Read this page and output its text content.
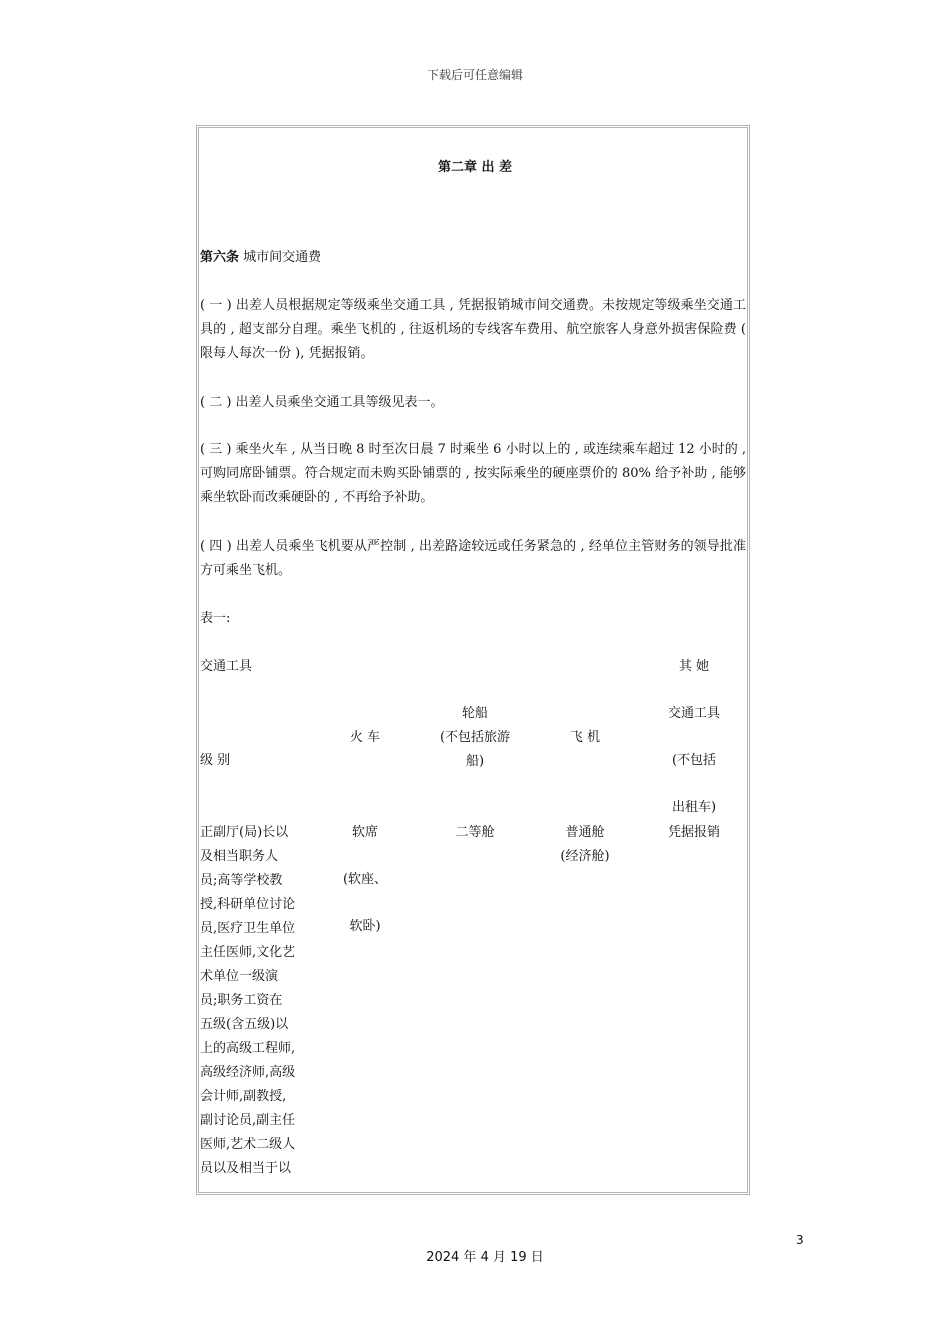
下载后可任意编辑
第二章 出 差
第六条 城市间交通费
( 一 ) 出差人员根据规定等级乘坐交通工具 , 凭据报销城市间交通费。未按规定等级乘坐交通工具的 , 超支部分自理。乘坐飞机的 , 往返机场的专线客车费用、航空旅客人身意外损害保险费 ( 限每人每次一份 ), 凭据报销。
( 二 ) 出差人员乘坐交通工具等级见表一。
( 三 ) 乘坐火车 , 从当日晚 8 时至次日晨 7 时乘坐 6 小时以上的 , 或连续乘车超过 12 小时的 , 可购同席卧铺票。符合规定而未购买卧铺票的 , 按实际乘坐的硬座票价的 80% 给予补助 , 能够乘坐软卧而改乘硬卧的 , 不再给予补助。
( 四 ) 出差人员乘坐飞机要从严控制 , 出差路途较远或任务紧急的 , 经单位主管财务的领导批准方可乘坐飞机。
表一:
交通工具
级 别
火 车
轮船
(不包括旅游
船)
飞 机
其 她
交通工具
(不包括
出租车)
正副厅(局)长以
及相当职务人
员;高等学校教
授,科研单位讨论
员,医疗卫生单位
主任医师,文化艺
术单位一级演
员;职务工资在
五级(含五级)以
上的高级工程师,
高级经济师,高级
会计师,副教授,
副讨论员,副主任
医师,艺术二级人
员以及相当于以
软席
(软座、
软卧)
二等舱	普通舱
(经济舱)
凭据报销
3
2024 年 4 月 19 日
